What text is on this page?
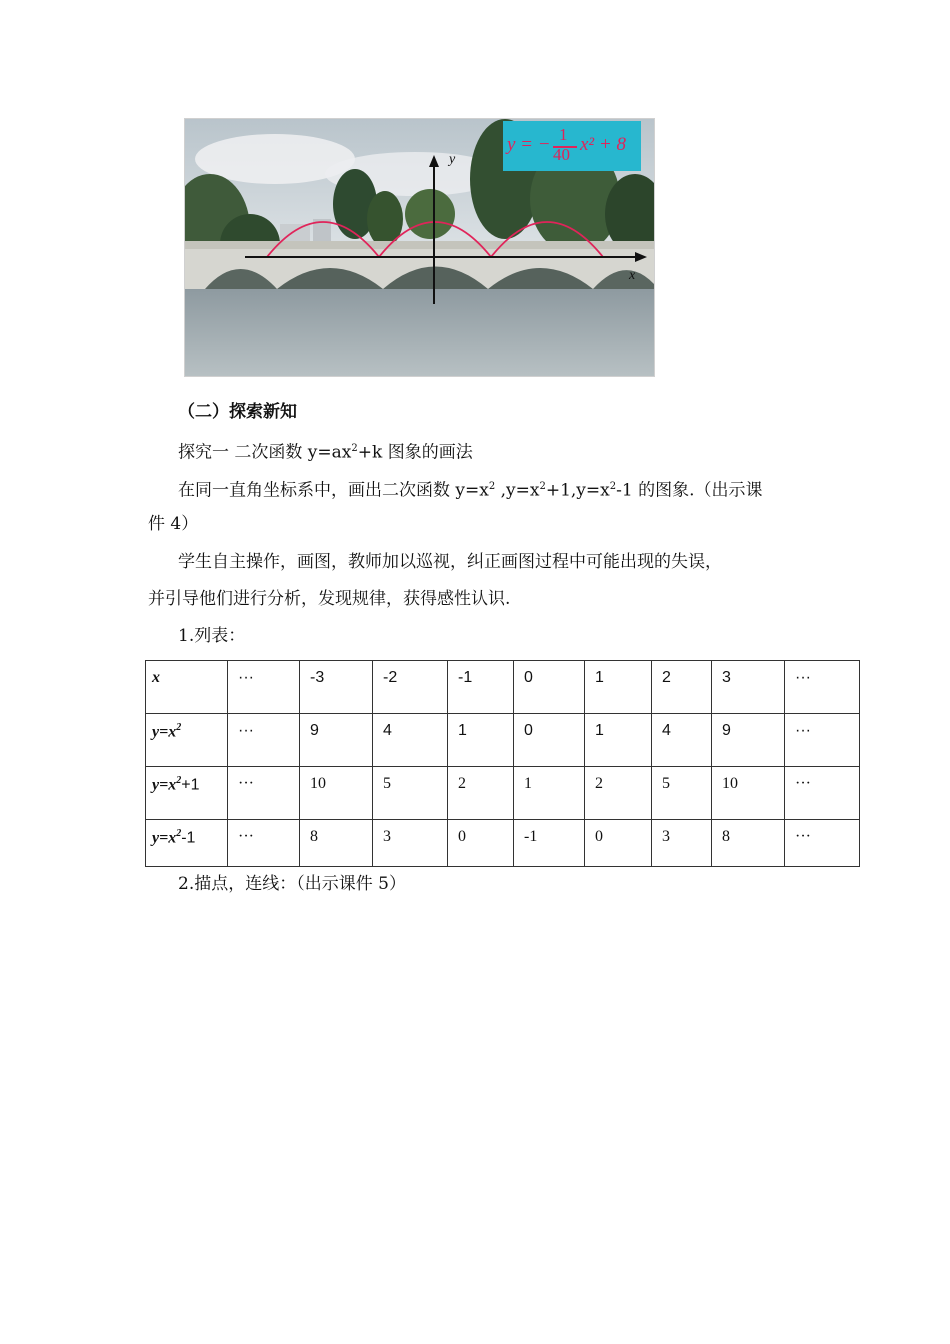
y
x
y = − 1
40 x² + 8
（二）探索新知
探究一 二次函数 $y=ax^2+k$ 图象的画法
在同一直角坐标系中，画出二次函数 $y=x^2$ $,y=x^2+1,y=x^2-1$ 的图象.（出示课
件 4）
学生自主操作，画图，教师加以巡视，纠正画图过程中可能出现的失误，
并引导他们进行分析，发现规律，获得感性认识.
1.列表：
x	···	-3	-2	-1	0	1	2	3	···
$y=x^2$	···	9	4	1	0	1	4	9	···
$y=x^2+1$	···	10	5	2	1	2	5	10	···
$y=x^2-1$	···	8	3	0	-1	0	3	8	···
2.描点，连线：（出示课件 5）
